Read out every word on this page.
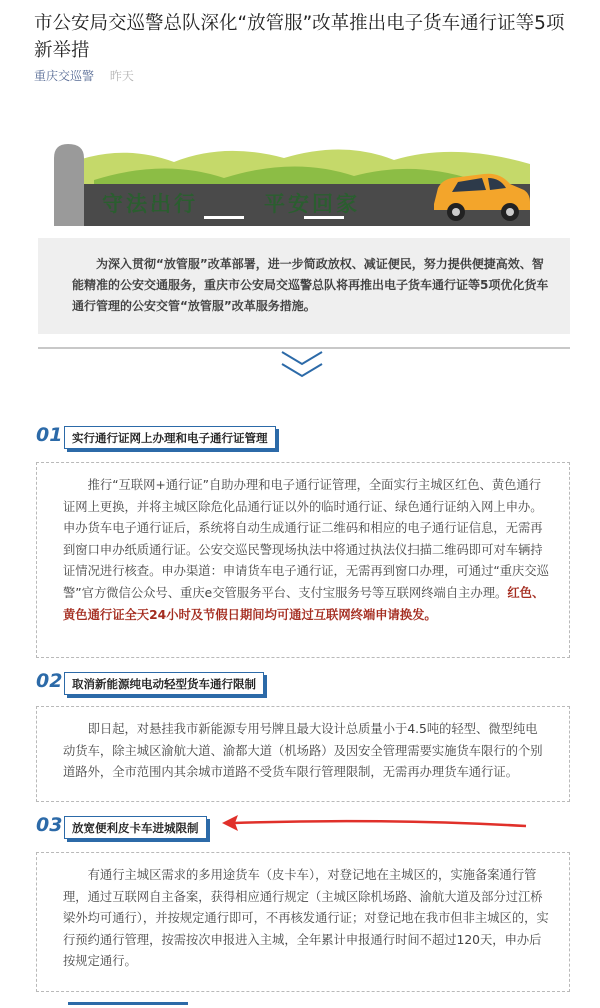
市公安局交巡警总队深化“放管服”改革推出电子货车通行证等5项新举措
重庆交巡警 昨天
守法出行	平安回家
为深入贯彻“放管服”改革部署，进一步简政放权、减证便民，努力提供便捷高效、智能精准的公安交通服务，重庆市公安局交巡警总队将再推出电子货车通行证等5项优化货车通行管理的公安交管“放管服”改革服务措施。
01 实行通行证网上办理和电子通行证管理

推行“互联网+通行证”自助办理和电子通行证管理，全面实行主城区红色、黄色通行证网上更换，并将主城区除危化品通行证以外的临时通行证、绿色通行证纳入网上申办。申办货车电子通行证后，系统将自动生成通行证二维码和相应的电子通行证信息，无需再到窗口申办纸质通行证。公安交巡民警现场执法中将通过执法仪扫描二维码即可对车辆持证情况进行核查。申办渠道：申请货车电子通行证，无需再到窗口办理，可通过“重庆交巡警”官方微信公众号、重庆e交管服务平台、支付宝服务号等互联网终端自主办理。红色、黄色通行证全天24小时及节假日期间均可通过互联网终端申请换发。

02 取消新能源纯电动轻型货车通行限制

即日起，对悬挂我市新能源专用号牌且最大设计总质量小于4.5吨的轻型、微型纯电动货车，除主城区渝航大道、渝都大道（机场路）及因安全管理需要实施货车限行的个别道路外，全市范围内其余城市道路不受货车限行管理限制，无需再办理货车通行证。

03 放宽便利皮卡车进城限制

有通行主城区需求的多用途货车（皮卡车），对登记地在主城区的，实施备案通行管理，通过互联网自主备案，获得相应通行规定（主城区除机场路、渝航大道及部分过江桥梁外均可通行），并按规定通行即可，不再核发通行证；对登记地在我市但非主城区的，实行预约通行管理，按需按次申报进入主城，全年累计申报通行时间不超过120天，申办后按规定通行。
